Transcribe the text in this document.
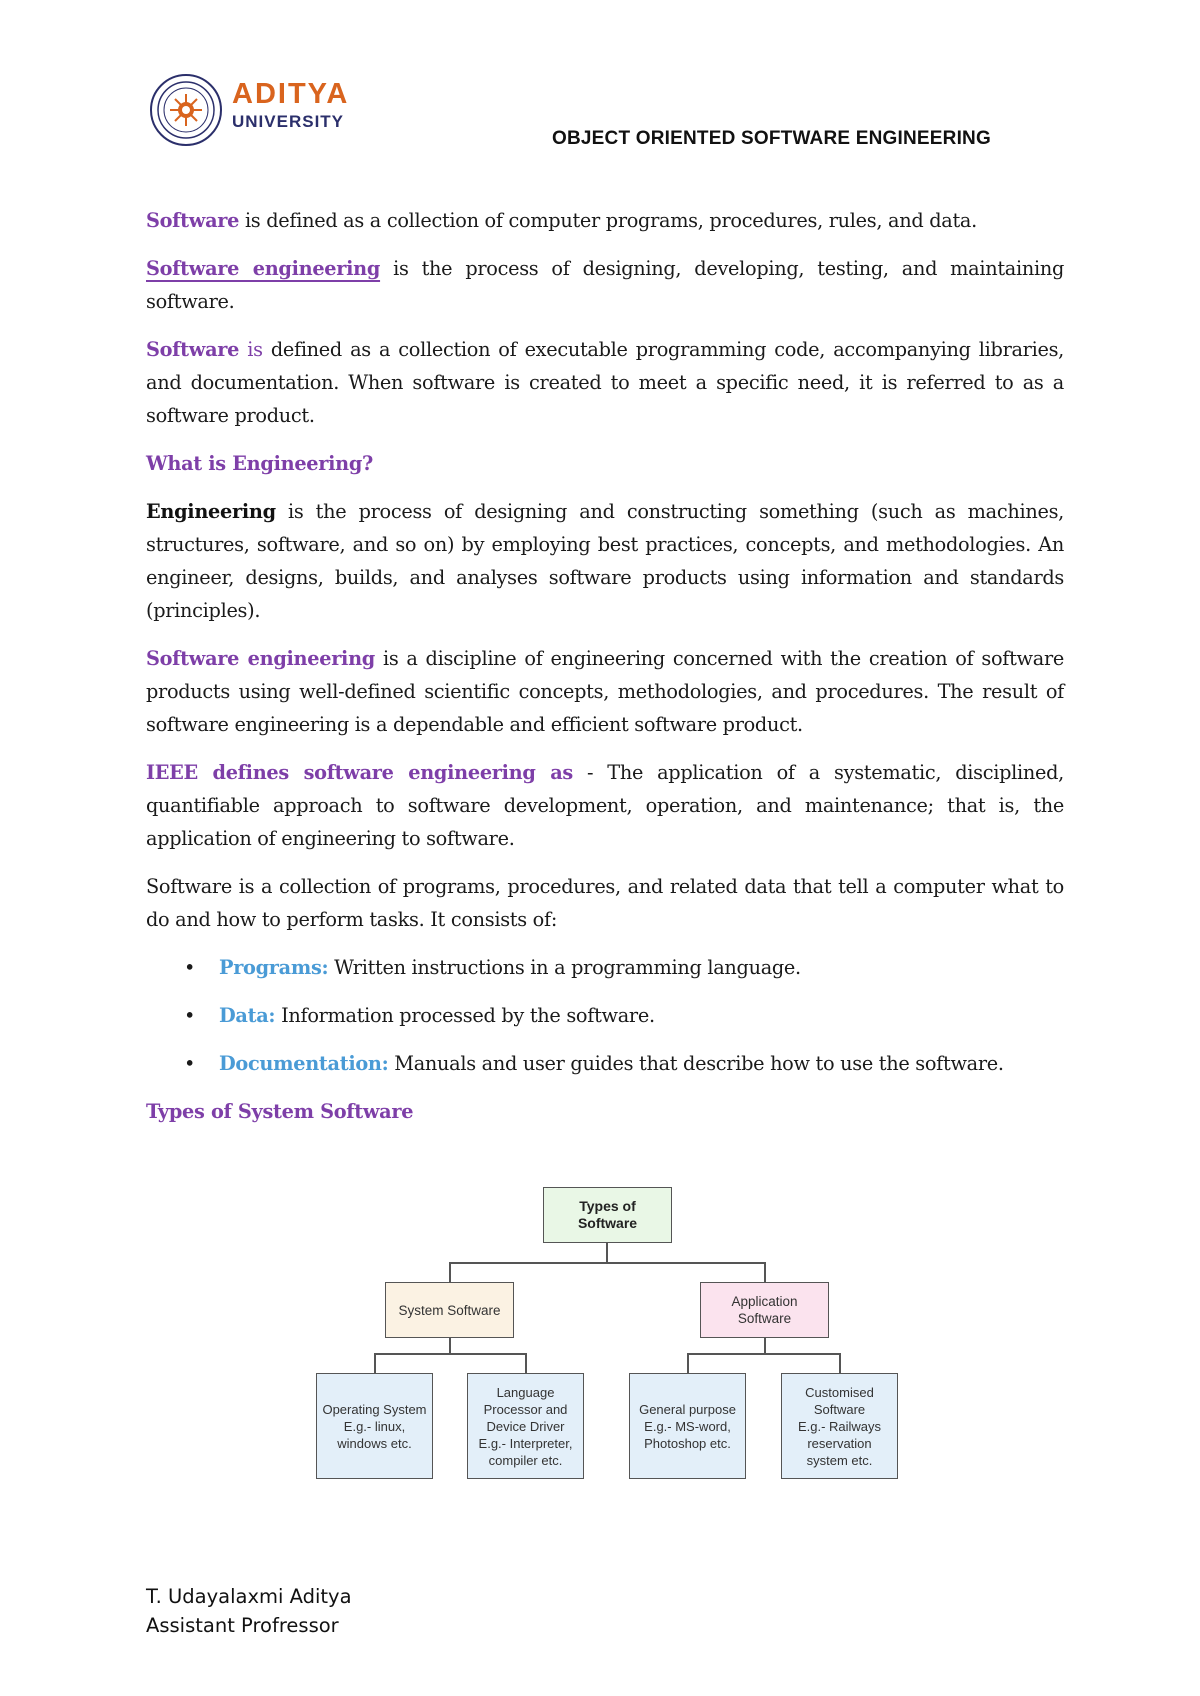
ADITYA
UNIVERSITY
OBJECT ORIENTED SOFTWARE ENGINEERING

Software is defined as a collection of computer programs, procedures, rules, and data.

Software engineering is the process of designing, developing, testing, and maintaining software.

Software is defined as a collection of executable programming code, accompanying libraries, and documentation. When software is created to meet a specific need, it is referred to as a software product.

What is Engineering?

Engineering is the process of designing and constructing something (such as machines, structures, software, and so on) by employing best practices, concepts, and methodologies. An engineer, designs, builds, and analyses software products using information and standards (principles).

Software engineering is a discipline of engineering concerned with the creation of software products using well-defined scientific concepts, methodologies, and procedures. The result of software engineering is a dependable and efficient software product.

IEEE defines software engineering as - The application of a systematic, disciplined, quantifiable approach to software development, operation, and maintenance; that is, the application of engineering to software.

Software is a collection of programs, procedures, and related data that tell a computer what to do and how to perform tasks. It consists of:

• Programs: Written instructions in a programming language.
• Data: Information processed by the software.
• Documentation: Manuals and user guides that describe how to use the software.
Types of System Software
Types of
Software
System Software
Application
Software
Operating System
E.g.- linux,
windows etc.
Language
Processor and
Device Driver
E.g.- Interpreter,
compiler etc.
General purpose
E.g.- MS-word,
Photoshop etc.
Customised
Software
E.g.- Railways
reservation
system etc.
T. Udayalaxmi Aditya
Assistant Profressor
